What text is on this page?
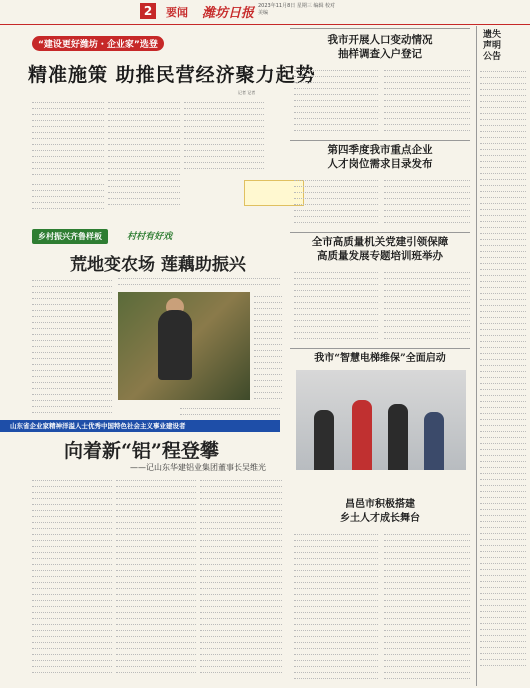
2	要闻 潍坊日报 2023年11月8日 星期三 编辑 校对 美编
“建设更好潍坊・企业家”选登
精准施策 助推民营经济聚力起势
记者 记者
我市开展人口变动情况
抽样调查入户登记
第四季度我市重点企业
人才岗位需求目录发布
全市高质量机关党建引领保障
高质量发展专题培训班举办
我市“智慧电梯维保”全面启动
昌邑市积极搭建
乡土人才成长舞台
乡村振兴齐鲁样板	村村有好戏
荒地变农场 莲藕助振兴
山东省企业家精神洋溢人士优秀中国特色社会主义事业建设者
向着新“铝”程登攀
——记山东华建铝业集团董事长吴维光
遗失
声明
公告
